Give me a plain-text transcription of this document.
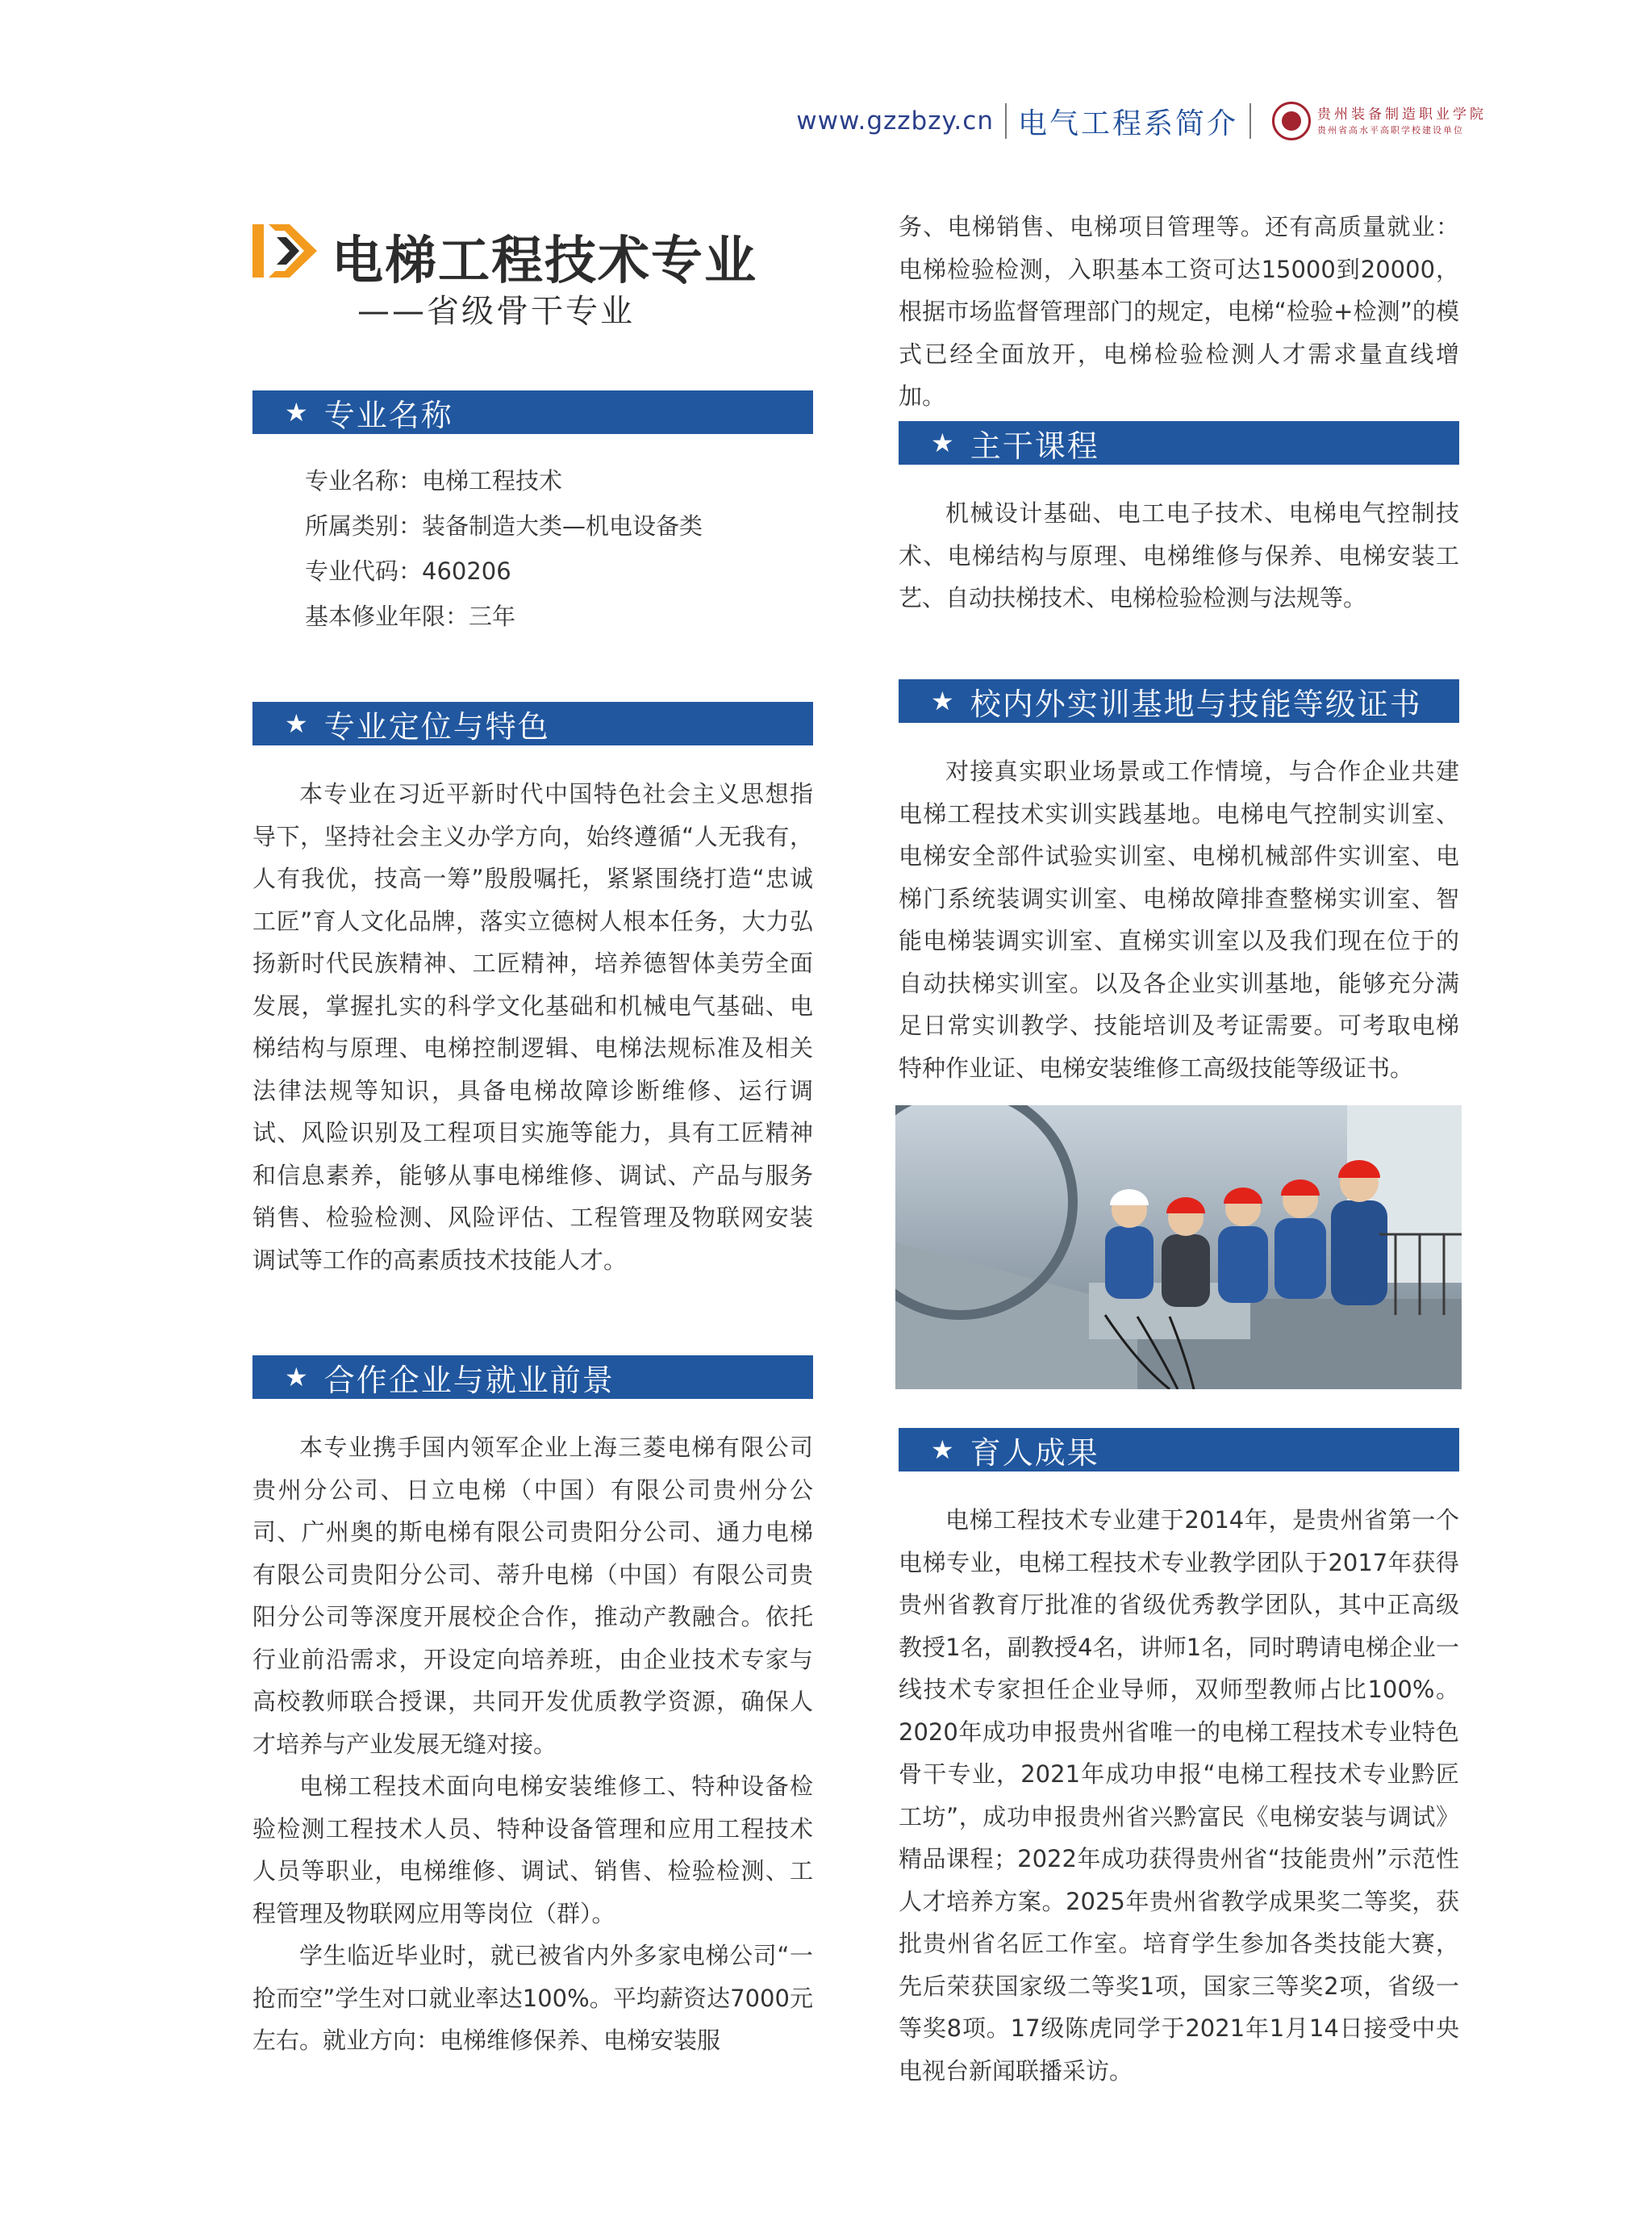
www.gzzbzy.cn 电气工程系简介	贵州装备制造职业学院
贵州省高水平高职学校建设单位
电梯工程技术专业
——省级骨干专业
★ 专业名称
专业名称：电梯工程技术
所属类别：装备制造大类—机电设备类
专业代码：460206
基本修业年限：三年
★ 专业定位与特色

本专业在习近平新时代中国特色社会主义思想指导下，坚持社会主义办学方向，始终遵循“人无我有，人有我优，技高一筹”殷殷嘱托，紧紧围绕打造“忠诚工匠”育人文化品牌，落实立德树人根本任务，大力弘扬新时代民族精神、工匠精神，培养德智体美劳全面发展，掌握扎实的科学文化基础和机械电气基础、电梯结构与原理、电梯控制逻辑、电梯法规标准及相关法律法规等知识，具备电梯故障诊断维修、运行调试、风险识别及工程项目实施等能力，具有工匠精神和信息素养，能够从事电梯维修、调试、产品与服务销售、检验检测、风险评估、工程管理及物联网安装调试等工作的高素质技术技能人才。

★ 合作企业与就业前景

本专业携手国内领军企业上海三菱电梯有限公司贵州分公司、日立电梯（中国）有限公司贵州分公司、广州奥的斯电梯有限公司贵阳分公司、通力电梯有限公司贵阳分公司、蒂升电梯（中国）有限公司贵阳分公司等深度开展校企合作，推动产教融合。依托行业前沿需求，开设定向培养班，由企业技术专家与高校教师联合授课，共同开发优质教学资源，确保人才培养与产业发展无缝对接。

电梯工程技术面向电梯安装维修工、特种设备检验检测工程技术人员、特种设备管理和应用工程技术人员等职业，电梯维修、调试、销售、检验检测、工程管理及物联网应用等岗位（群）。

学生临近毕业时，就已被省内外多家电梯公司“一抢而空”学生对口就业率达100%。平均薪资达7000元左右。就业方向：电梯维修保养、电梯安装服

务、电梯销售、电梯项目管理等。还有高质量就业：电梯检验检测，入职基本工资可达15000到20000，根据市场监督管理部门的规定，电梯“检验+检测”的模式已经全面放开，电梯检验检测人才需求量直线增加。

★ 主干课程

机械设计基础、电工电子技术、电梯电气控制技术、电梯结构与原理、电梯维修与保养、电梯安装工艺、自动扶梯技术、电梯检验检测与法规等。

★ 校内外实训基地与技能等级证书

对接真实职业场景或工作情境，与合作企业共建电梯工程技术实训实践基地。电梯电气控制实训室、电梯安全部件试验实训室、电梯机械部件实训室、电梯门系统装调实训室、电梯故障排查整梯实训室、智能电梯装调实训室、直梯实训室以及我们现在位于的自动扶梯实训室。以及各企业实训基地，能够充分满足日常实训教学、技能培训及考证需要。可考取电梯特种作业证、电梯安装维修工高级技能等级证书。

★ 育人成果

电梯工程技术专业建于2014年，是贵州省第一个电梯专业，电梯工程技术专业教学团队于2017年获得贵州省教育厅批准的省级优秀教学团队，其中正高级教授1名，副教授4名，讲师1名，同时聘请电梯企业一线技术专家担任企业导师，双师型教师占比100%。2020年成功申报贵州省唯一的电梯工程技术专业特色骨干专业，2021年成功申报“电梯工程技术专业黔匠工坊”，成功申报贵州省兴黔富民《电梯安装与调试》精品课程；2022年成功获得贵州省“技能贵州”示范性人才培养方案。2025年贵州省教学成果奖二等奖，获批贵州省名匠工作室。培育学生参加各类技能大赛，先后荣获国家级二等奖1项，国家三等奖2项，省级一等奖8项。17级陈虎同学于2021年1月14日接受中央电视台新闻联播采访。
